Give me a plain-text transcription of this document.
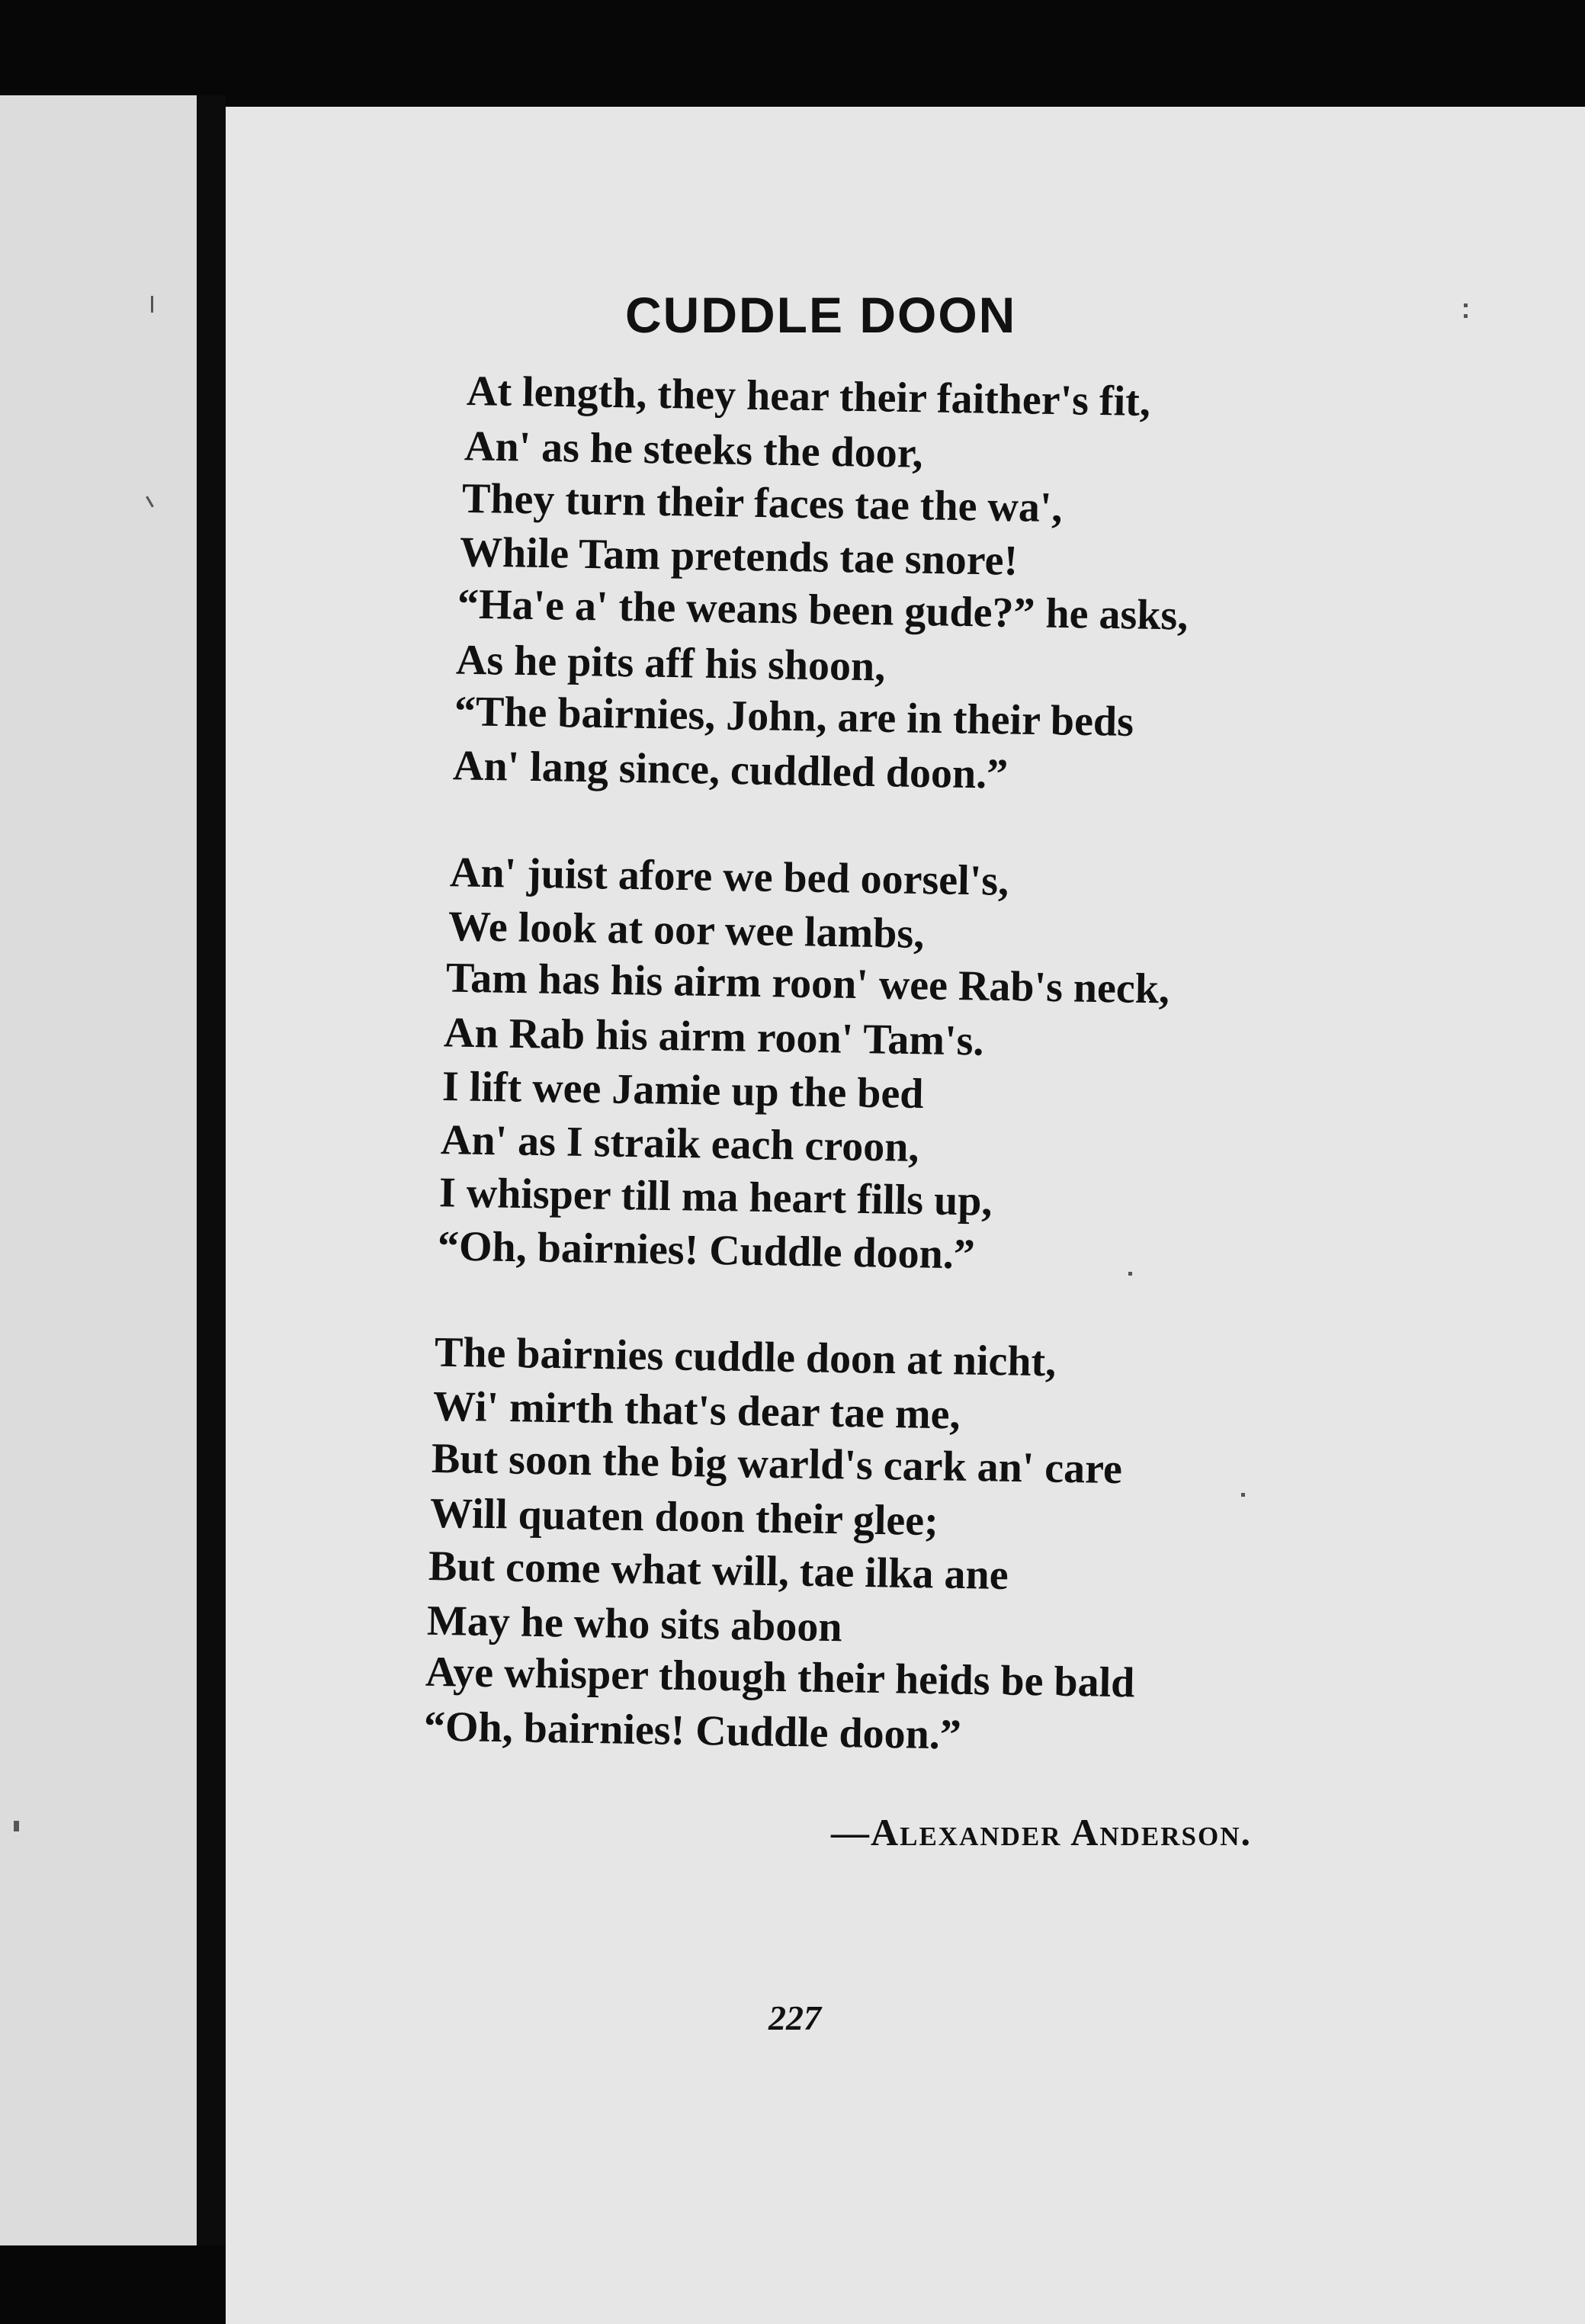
CUDDLE DOON
At length, they hear their faither's fit,
An' as he steeks the door,
They turn their faces tae the wa',
While Tam pretends tae snore!
“Ha'e a' the weans been gude?” he asks,
As he pits aff his shoon,
“The bairnies, John, are in their beds
An' lang since, cuddled doon.”
An' juist afore we bed oorsel's,
We look at oor wee lambs,
Tam has his airm roon' wee Rab's neck,
An Rab his airm roon' Tam's.
I lift wee Jamie up the bed
An' as I straik each croon,
I whisper till ma heart fills up,
“Oh, bairnies! Cuddle doon.”
The bairnies cuddle doon at nicht,
Wi' mirth that's dear tae me,
But soon the big warld's cark an' care
Will quaten doon their glee;
But come what will, tae ilka ane
May he who sits aboon
Aye whisper though their heids be bald
“Oh, bairnies! Cuddle doon.”
—Alexander Anderson.
227
